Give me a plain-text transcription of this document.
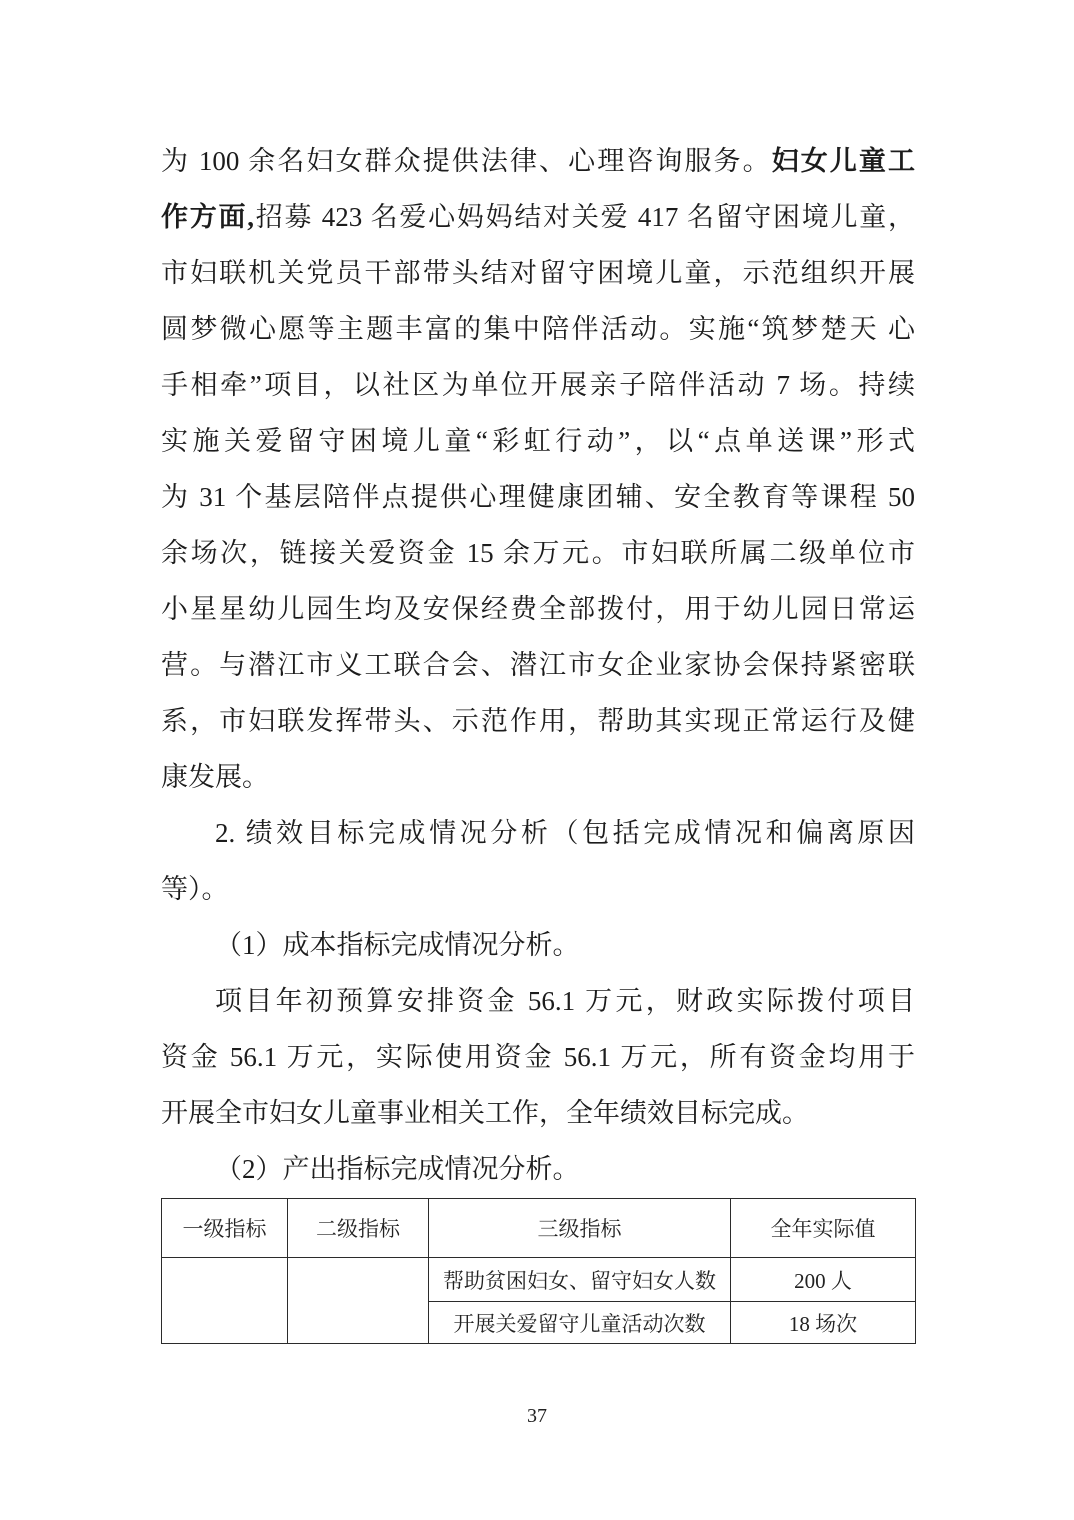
为 100 余名妇女群众提供法律、心理咨询服务。妇女儿童工
作方面,招募 423 名爱心妈妈结对关爱 417 名留守困境儿童，
市妇联机关党员干部带头结对留守困境儿童，示范组织开展
圆梦微心愿等主题丰富的集中陪伴活动。实施“筑梦楚天 心
手相牵”项目，以社区为单位开展亲子陪伴活动 7 场。持续
实施关爱留守困境儿童“彩虹行动”，以“点单送课”形式
为 31 个基层陪伴点提供心理健康团辅、安全教育等课程 50
余场次，链接关爱资金 15 余万元。市妇联所属二级单位市
小星星幼儿园生均及安保经费全部拨付，用于幼儿园日常运
营。与潜江市义工联合会、潜江市女企业家协会保持紧密联
系，市妇联发挥带头、示范作用，帮助其实现正常运行及健
康发展。
2. 绩效目标完成情况分析（包括完成情况和偏离原因
等）。
（1）成本指标完成情况分析。
项目年初预算安排资金 56.1 万元，财政实际拨付项目
资金 56.1 万元，实际使用资金 56.1 万元，所有资金均用于
开展全市妇女儿童事业相关工作，全年绩效目标完成。
（2）产出指标完成情况分析。
一级指标	二级指标	三级指标	全年实际值
		帮助贫困妇女、留守妇女人数	200 人
		开展关爱留守儿童活动次数	18 场次
37
